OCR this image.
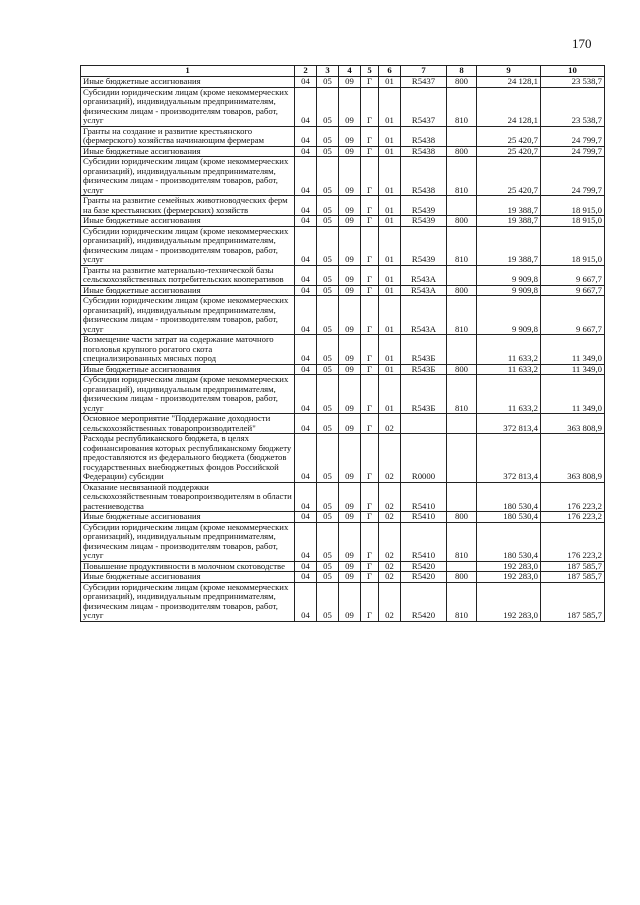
170
1	2	3	4	5	6	7	8	9	10
Иные бюджетные ассигнования	04	05	09	Г	01	R5437	800	24 128,1	23 538,7
Субсидии юридическим лицам (кроме некоммерческих организаций), индивидуальным предпринимателям, физическим лицам - производителям товаров, работ, услуг	04	05	09	Г	01	R5437	810	24 128,1	23 538,7
Гранты на создание и развитие крестьянского (фермерского) хозяйства начинающим фермерам	04	05	09	Г	01	R5438		25 420,7	24 799,7
Иные бюджетные ассигнования	04	05	09	Г	01	R5438	800	25 420,7	24 799,7
Субсидии юридическим лицам (кроме некоммерческих организаций), индивидуальным предпринимателям, физическим лицам - производителям товаров, работ, услуг	04	05	09	Г	01	R5438	810	25 420,7	24 799,7
Гранты на развитие семейных животноводческих ферм на базе крестьянских (фермерских) хозяйств	04	05	09	Г	01	R5439		19 388,7	18 915,0
Иные бюджетные ассигнования	04	05	09	Г	01	R5439	800	19 388,7	18 915,0
Субсидии юридическим лицам (кроме некоммерческих организаций), индивидуальным предпринимателям, физическим лицам - производителям товаров, работ, услуг	04	05	09	Г	01	R5439	810	19 388,7	18 915,0
Гранты на развитие материально-технической базы сельскохозяйственных потребительских кооперативов	04	05	09	Г	01	R543A		9 909,8	9 667,7
Иные бюджетные ассигнования	04	05	09	Г	01	R543A	800	9 909,8	9 667,7
Субсидии юридическим лицам (кроме некоммерческих организаций), индивидуальным предпринимателям, физическим лицам - производителям товаров, работ, услуг	04	05	09	Г	01	R543A	810	9 909,8	9 667,7
Возмещение части затрат на содержание маточного поголовья крупного рогатого скота специализированных мясных пород	04	05	09	Г	01	R543Б		11 633,2	11 349,0
Иные бюджетные ассигнования	04	05	09	Г	01	R543Б	800	11 633,2	11 349,0
Субсидии юридическим лицам (кроме некоммерческих организаций), индивидуальным предпринимателям, физическим лицам - производителям товаров, работ, услуг	04	05	09	Г	01	R543Б	810	11 633,2	11 349,0
Основное мероприятие "Поддержание доходности сельскохозяйственных товаропроизводителей"	04	05	09	Г	02			372 813,4	363 808,9
Расходы республиканского бюджета, в целях софинансирования которых республиканскому бюджету предоставляются из федерального бюджета (бюджетов государственных внебюджетных фондов Российской Федерации) субсидии	04	05	09	Г	02	R0000		372 813,4	363 808,9
Оказание несвязанной поддержки сельскохозяйственным товаропроизводителям в области растениеводства	04	05	09	Г	02	R5410		180 530,4	176 223,2
Иные бюджетные ассигнования	04	05	09	Г	02	R5410	800	180 530,4	176 223,2
Субсидии юридическим лицам (кроме некоммерческих организаций), индивидуальным предпринимателям, физическим лицам - производителям товаров, работ, услуг	04	05	09	Г	02	R5410	810	180 530,4	176 223,2
Повышение продуктивности в молочном скотоводстве	04	05	09	Г	02	R5420		192 283,0	187 585,7
Иные бюджетные ассигнования	04	05	09	Г	02	R5420	800	192 283,0	187 585,7
Субсидии юридическим лицам (кроме некоммерческих организаций), индивидуальным предпринимателям, физическим лицам - производителям товаров, работ, услуг	04	05	09	Г	02	R5420	810	192 283,0	187 585,7
